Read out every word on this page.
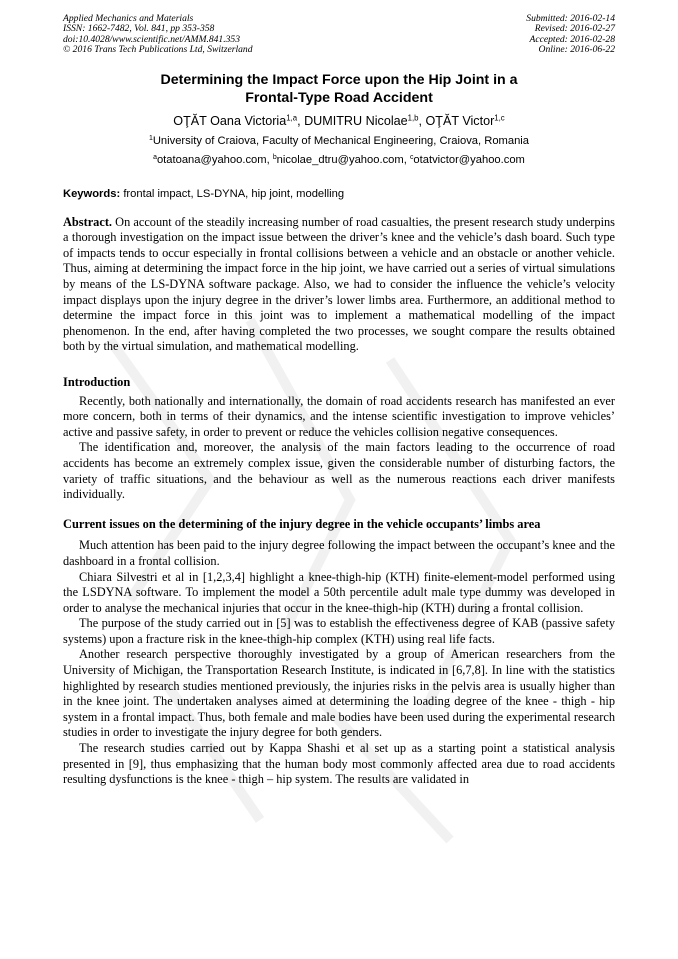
Applied Mechanics and Materials
ISSN: 1662-7482, Vol. 841, pp 353-358
doi:10.4028/www.scientific.net/AMM.841.353
© 2016 Trans Tech Publications Ltd, Switzerland
Submitted: 2016-02-14
Revised: 2016-02-27
Accepted: 2016-02-28
Online: 2016-06-22
Determining the Impact Force upon the Hip Joint in a
Frontal-Type Road Accident
OŢĂT Oana Victoria$^{1,a}$, DUMITRU Nicolae$^{1,b}$, OŢĂT Victor$^{1,c}$
$^1$University of Craiova, Faculty of Mechanical Engineering, Craiova, Romania
$^a$otatoana@yahoo.com, $^b$nicolae_dtru@yahoo.com, $^c$otatvictor@yahoo.com
Keywords: frontal impact, LS-DYNA, hip joint, modelling

Abstract. On account of the steadily increasing number of road casualties, the present research study underpins a thorough investigation on the impact issue between the driver’s knee and the vehicle’s dash board. Such type of impacts tends to occur especially in frontal collisions between a vehicle and an obstacle or another vehicle. Thus, aiming at determining the impact force in the hip joint, we have carried out a series of virtual simulations by means of the LS-DYNA software package. Also, we had to consider the influence the vehicle’s velocity impact displays upon the injury degree in the driver’s lower limbs area. Furthermore, an additional method to determine the impact force in this joint was to implement a mathematical modelling of the impact phenomenon. In the end, after having completed the two processes, we sought compare the results obtained both by the virtual simulation, and mathematical modelling.

Introduction

Recently, both nationally and internationally, the domain of road accidents research has manifested an ever more concern, both in terms of their dynamics, and the intense scientific investigation to improve vehicles’ active and passive safety, in order to prevent or reduce the vehicles collision negative consequences.

The identification and, moreover, the analysis of the main factors leading to the occurrence of road accidents has become an extremely complex issue, given the considerable number of disturbing factors, the variety of traffic situations, and the behaviour as well as the numerous reactions each driver manifests individually.

Current issues on the determining of the injury degree in the vehicle occupants’ limbs area

Much attention has been paid to the injury degree following the impact between the occupant’s knee and the dashboard in a frontal collision.

Chiara Silvestri et al in [1,2,3,4] highlight a knee-thigh-hip (KTH) finite-element-model performed using the LSDYNA software. To implement the model a 50th percentile adult male type dummy was developed in order to analyse the mechanical injuries that occur in the knee-thigh-hip (KTH) during a frontal collision.

The purpose of the study carried out in [5] was to establish the effectiveness degree of KAB (passive safety systems) upon a fracture risk in the knee-thigh-hip complex (KTH) using real life facts.

Another research perspective thoroughly investigated by a group of American researchers from the University of Michigan, the Transportation Research Institute, is indicated in [6,7,8]. In line with the statistics highlighted by research studies mentioned previously, the injuries risks in the pelvis area is usually higher than in the knee joint. The undertaken analyses aimed at determining the loading degree of the knee - thigh - hip system in a frontal impact. Thus, both female and male bodies have been used during the experimental research studies in order to investigate the injury degree for both genders.

The research studies carried out by Kappa Shashi et al set up as a starting point a statistical analysis presented in [9], thus emphasizing that the human body most commonly affected area due to road accidents resulting dysfunctions is the knee - thigh – hip system. The results are validated in
